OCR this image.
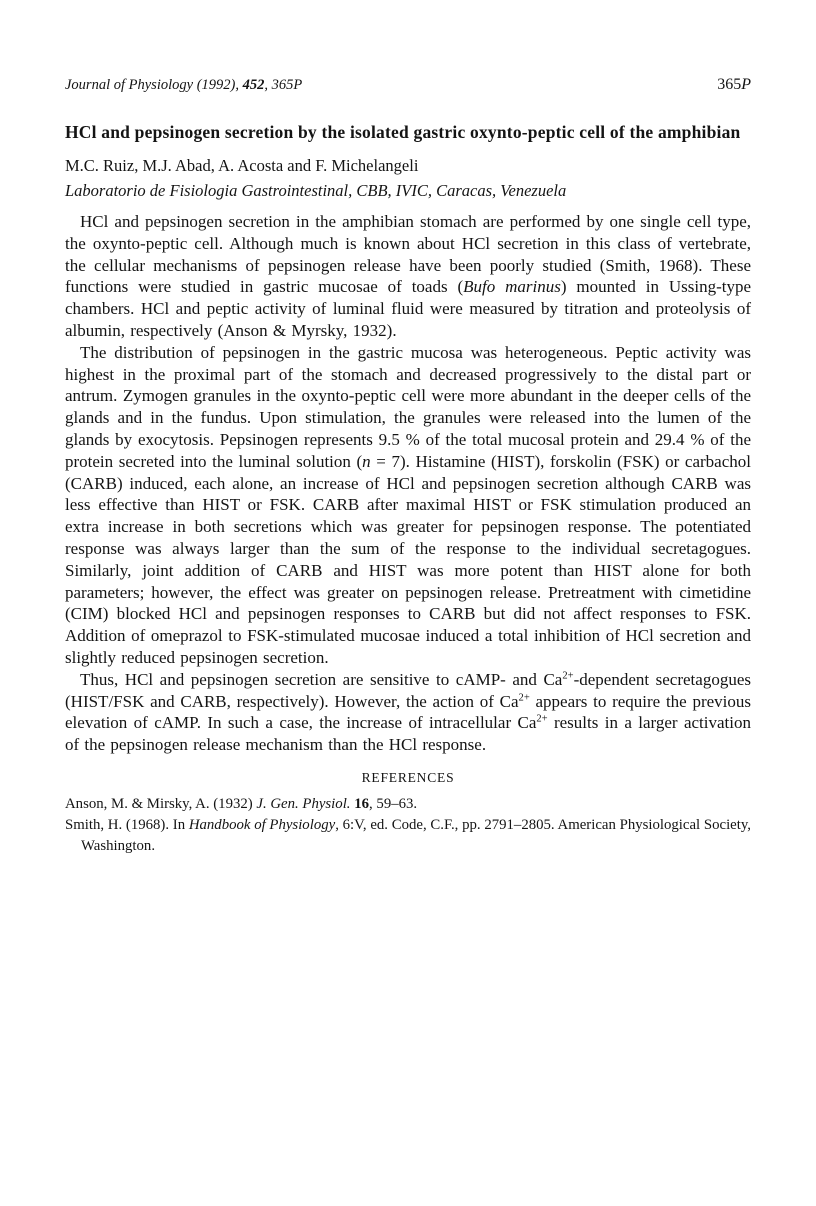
Journal of Physiology (1992), 452, 365P	365P
HCl and pepsinogen secretion by the isolated gastric oxynto-peptic cell of the amphibian
M.C. Ruiz, M.J. Abad, A. Acosta and F. Michelangeli
Laboratorio de Fisiologia Gastrointestinal, CBB, IVIC, Caracas, Venezuela

HCl and pepsinogen secretion in the amphibian stomach are performed by one single cell type, the oxynto-peptic cell. Although much is known about HCl secretion in this class of vertebrate, the cellular mechanisms of pepsinogen release have been poorly studied (Smith, 1968). These functions were studied in gastric mucosae of toads (Bufo marinus) mounted in Ussing-type chambers. HCl and peptic activity of luminal fluid were measured by titration and proteolysis of albumin, respectively (Anson & Myrsky, 1932).

The distribution of pepsinogen in the gastric mucosa was heterogeneous. Peptic activity was highest in the proximal part of the stomach and decreased progressively to the distal part or antrum. Zymogen granules in the oxynto-peptic cell were more abundant in the deeper cells of the glands and in the fundus. Upon stimulation, the granules were released into the lumen of the glands by exocytosis. Pepsinogen represents 9.5 % of the total mucosal protein and 29.4 % of the protein secreted into the luminal solution (n = 7). Histamine (HIST), forskolin (FSK) or carbachol (CARB) induced, each alone, an increase of HCl and pepsinogen secretion although CARB was less effective than HIST or FSK. CARB after maximal HIST or FSK stimulation produced an extra increase in both secretions which was greater for pepsinogen response. The potentiated response was always larger than the sum of the response to the individual secretagogues. Similarly, joint addition of CARB and HIST was more potent than HIST alone for both parameters; however, the effect was greater on pepsinogen release. Pretreatment with cimetidine (CIM) blocked HCl and pepsinogen responses to CARB but did not affect responses to FSK. Addition of omeprazol to FSK-stimulated mucosae induced a total inhibition of HCl secretion and slightly reduced pepsinogen secretion.

Thus, HCl and pepsinogen secretion are sensitive to cAMP- and $Ca^{2+}$-dependent secretagogues (HIST/FSK and CARB, respectively). However, the action of $Ca^{2+}$ appears to require the previous elevation of cAMP. In such a case, the increase of intracellular $Ca^{2+}$ results in a larger activation of the pepsinogen release mechanism than the HCl response.

REFERENCES

Anson, M. & Mirsky, A. (1932) J. Gen. Physiol. 16, 59–63.

Smith, H. (1968). In Handbook of Physiology, 6:V, ed. Code, C.F., pp. 2791–2805. American Physiological Society, Washington.
